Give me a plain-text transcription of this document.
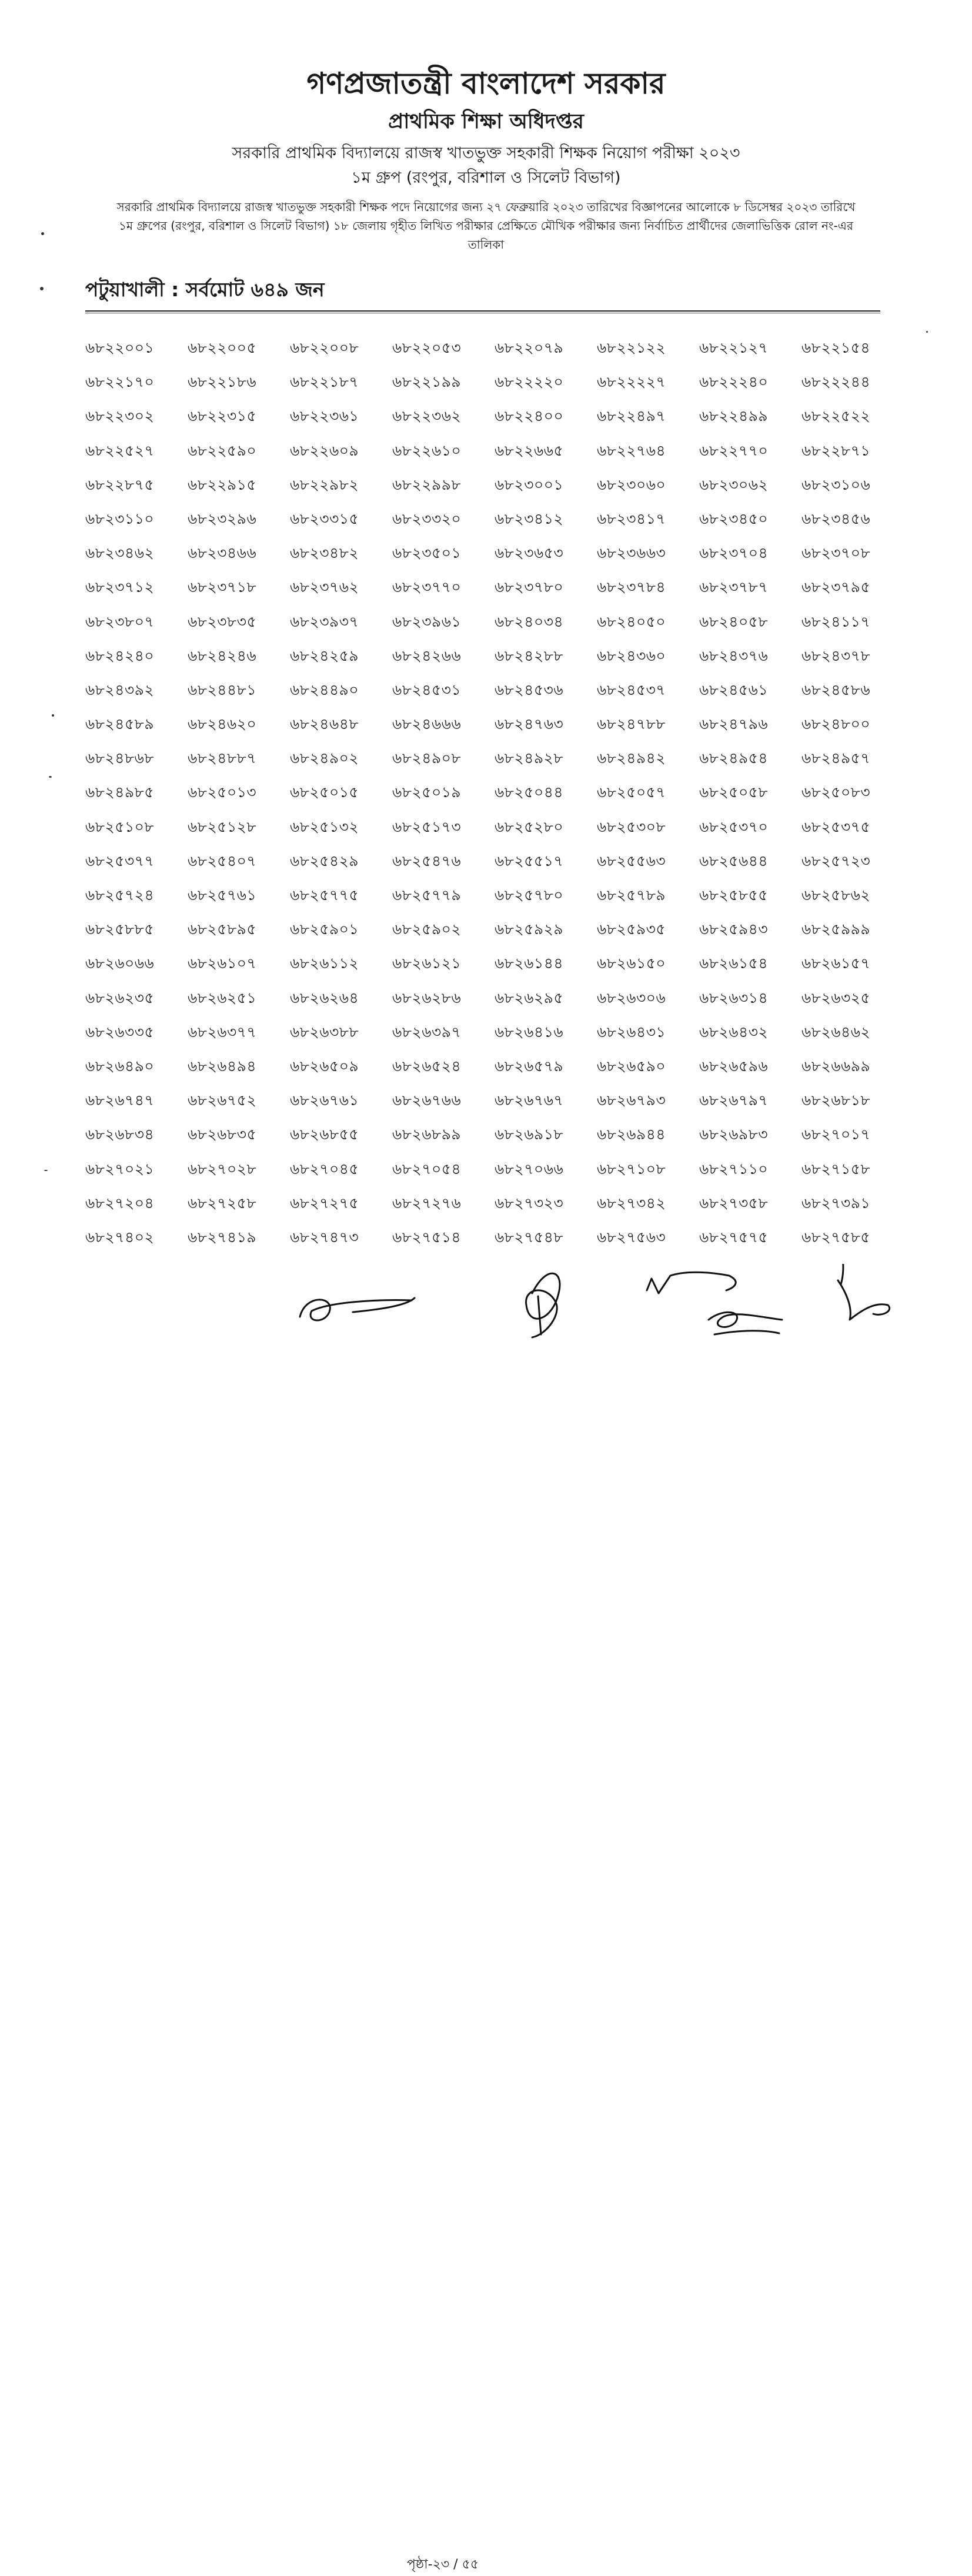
গণপ্রজাতন্ত্রী বাংলাদেশ সরকার
প্রাথমিক শিক্ষা অধিদপ্তর
সরকারি প্রাথমিক বিদ্যালয়ে রাজস্ব খাতভুক্ত সহকারী শিক্ষক নিয়োগ পরীক্ষা ২০২৩
১ম গ্রুপ (রংপুর, বরিশাল ও সিলেট বিভাগ)
সরকারি প্রাথমিক বিদ্যালয়ে রাজস্ব খাতভুক্ত সহকারী শিক্ষক পদে নিয়োগের জন্য ২৭ ফেব্রুয়ারি ২০২৩ তারিখের বিজ্ঞাপনের আলোকে ৮ ডিসেম্বর ২০২৩ তারিখে ১ম গ্রুপের (রংপুর, বরিশাল ও সিলেট বিভাগ) ১৮ জেলায় গৃহীত লিখিত পরীক্ষার প্রেক্ষিতে মৌখিক পরীক্ষার জন্য নির্বাচিত প্রার্থীদের জেলাভিত্তিক রোল নং-এর তালিকা
পটুয়াখালী : সর্বমোট ৬৪৯ জন
৬৮২২০০১	৬৮২২০০৫	৬৮২২০০৮	৬৮২২০৫৩	৬৮২২০৭৯	৬৮২২১২২	৬৮২২১২৭	৬৮২২১৫৪
৬৮২২১৭০	৬৮২২১৮৬	৬৮২২১৮৭	৬৮২২১৯৯	৬৮২২২২০	৬৮২২২২৭	৬৮২২২৪০	৬৮২২২৪৪
৬৮২২৩০২	৬৮২২৩১৫	৬৮২২৩৬১	৬৮২২৩৬২	৬৮২২৪০০	৬৮২২৪৯৭	৬৮২২৪৯৯	৬৮২২৫২২
৬৮২২৫২৭	৬৮২২৫৯০	৬৮২২৬০৯	৬৮২২৬১০	৬৮২২৬৬৫	৬৮২২৭৬৪	৬৮২২৭৭০	৬৮২২৮৭১
৬৮২২৮৭৫	৬৮২২৯১৫	৬৮২২৯৮২	৬৮২২৯৯৮	৬৮২৩০০১	৬৮২৩০৬০	৬৮২৩০৬২	৬৮২৩১০৬
৬৮২৩১১০	৬৮২৩২৯৬	৬৮২৩৩১৫	৬৮২৩৩২০	৬৮২৩৪১২	৬৮২৩৪১৭	৬৮২৩৪৫০	৬৮২৩৪৫৬
৬৮২৩৪৬২	৬৮২৩৪৬৬	৬৮২৩৪৮২	৬৮২৩৫০১	৬৮২৩৬৫৩	৬৮২৩৬৬৩	৬৮২৩৭০৪	৬৮২৩৭০৮
৬৮২৩৭১২	৬৮২৩৭১৮	৬৮২৩৭৬২	৬৮২৩৭৭০	৬৮২৩৭৮০	৬৮২৩৭৮৪	৬৮২৩৭৮৭	৬৮২৩৭৯৫
৬৮২৩৮০৭	৬৮২৩৮৩৫	৬৮২৩৯৩৭	৬৮২৩৯৬১	৬৮২৪০৩৪	৬৮২৪০৫০	৬৮২৪০৫৮	৬৮২৪১১৭
৬৮২৪২৪০	৬৮২৪২৪৬	৬৮২৪২৫৯	৬৮২৪২৬৬	৬৮২৪২৮৮	৬৮২৪৩৬০	৬৮২৪৩৭৬	৬৮২৪৩৭৮
৬৮২৪৩৯২	৬৮২৪৪৮১	৬৮২৪৪৯০	৬৮২৪৫৩১	৬৮২৪৫৩৬	৬৮২৪৫৩৭	৬৮২৪৫৬১	৬৮২৪৫৮৬
৬৮২৪৫৮৯	৬৮২৪৬২০	৬৮২৪৬৪৮	৬৮২৪৬৬৬	৬৮২৪৭৬৩	৬৮২৪৭৮৮	৬৮২৪৭৯৬	৬৮২৪৮০০
৬৮২৪৮৬৮	৬৮২৪৮৮৭	৬৮২৪৯০২	৬৮২৪৯০৮	৬৮২৪৯২৮	৬৮২৪৯৪২	৬৮২৪৯৫৪	৬৮২৪৯৫৭
৬৮২৪৯৮৫	৬৮২৫০১৩	৬৮২৫০১৫	৬৮২৫০১৯	৬৮২৫০৪৪	৬৮২৫০৫৭	৬৮২৫০৫৮	৬৮২৫০৮৩
৬৮২৫১০৮	৬৮২৫১২৮	৬৮২৫১৩২	৬৮২৫১৭৩	৬৮২৫২৮০	৬৮২৫৩০৮	৬৮২৫৩৭০	৬৮২৫৩৭৫
৬৮২৫৩৭৭	৬৮২৫৪০৭	৬৮২৫৪২৯	৬৮২৫৪৭৬	৬৮২৫৫১৭	৬৮২৫৫৬৩	৬৮২৫৬৪৪	৬৮২৫৭২৩
৬৮২৫৭২৪	৬৮২৫৭৬১	৬৮২৫৭৭৫	৬৮২৫৭৭৯	৬৮২৫৭৮০	৬৮২৫৭৮৯	৬৮২৫৮৫৫	৬৮২৫৮৬২
৬৮২৫৮৮৫	৬৮২৫৮৯৫	৬৮২৫৯০১	৬৮২৫৯০২	৬৮২৫৯২৯	৬৮২৫৯৩৫	৬৮২৫৯৪৩	৬৮২৫৯৯৯
৬৮২৬০৬৬	৬৮২৬১০৭	৬৮২৬১১২	৬৮২৬১২১	৬৮২৬১৪৪	৬৮২৬১৫০	৬৮২৬১৫৪	৬৮২৬১৫৭
৬৮২৬২৩৫	৬৮২৬২৫১	৬৮২৬২৬৪	৬৮২৬২৮৬	৬৮২৬২৯৫	৬৮২৬৩০৬	৬৮২৬৩১৪	৬৮২৬৩২৫
৬৮২৬৩৩৫	৬৮২৬৩৭৭	৬৮২৬৩৮৮	৬৮২৬৩৯৭	৬৮২৬৪১৬	৬৮২৬৪৩১	৬৮২৬৪৩২	৬৮২৬৪৬২
৬৮২৬৪৯০	৬৮২৬৪৯৪	৬৮২৬৫০৯	৬৮২৬৫২৪	৬৮২৬৫৭৯	৬৮২৬৫৯০	৬৮২৬৫৯৬	৬৮২৬৬৯৯
৬৮২৬৭৪৭	৬৮২৬৭৫২	৬৮২৬৭৬১	৬৮২৬৭৬৬	৬৮২৬৭৬৭	৬৮২৬৭৯৩	৬৮২৬৭৯৭	৬৮২৬৮১৮
৬৮২৬৮৩৪	৬৮২৬৮৩৫	৬৮২৬৮৫৫	৬৮২৬৮৯৯	৬৮২৬৯১৮	৬৮২৬৯৪৪	৬৮২৬৯৮৩	৬৮২৭০১৭
৬৮২৭০২১	৬৮২৭০২৮	৬৮২৭০৪৫	৬৮২৭০৫৪	৬৮২৭০৬৬	৬৮২৭১০৮	৬৮২৭১১০	৬৮২৭১৫৮
৬৮২৭২০৪	৬৮২৭২৫৮	৬৮২৭২৭৫	৬৮২৭২৭৬	৬৮২৭৩২৩	৬৮২৭৩৪২	৬৮২৭৩৫৮	৬৮২৭৩৯১
৬৮২৭৪০২	৬৮২৭৪১৯	৬৮২৭৪৭৩	৬৮২৭৫১৪	৬৮২৭৫৪৮	৬৮২৭৫৬৩	৬৮২৭৫৭৫	৬৮২৭৫৮৫
পৃষ্ঠা-২৩ / ৫৫
